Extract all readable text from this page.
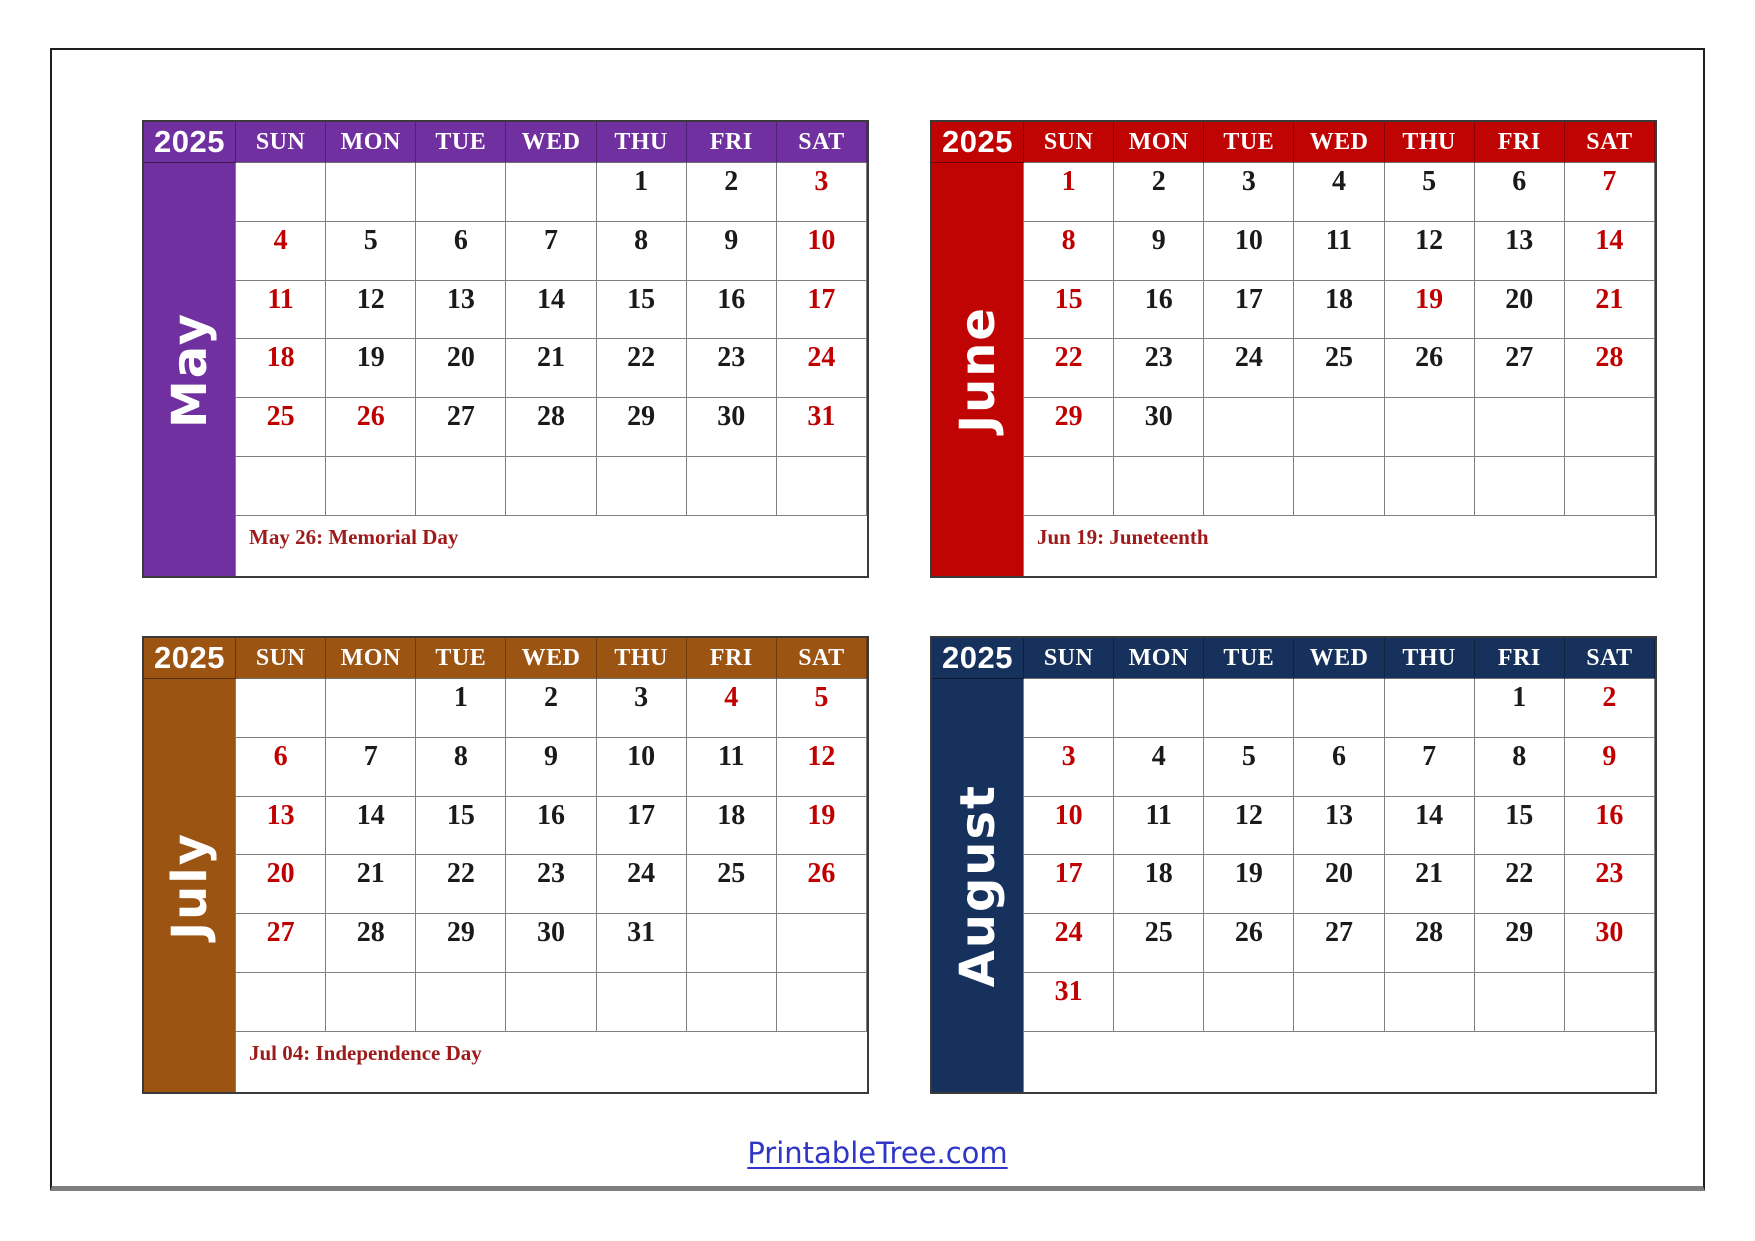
2025	SUN	MON	TUE	WED	THU	FRI	SAT
May
1	2	3
4	5	6	7	8	9	10
11	12	13	14	15	16	17
18	19	20	21	22	23	24
25	26	27	28	29	30	31
May 26: Memorial Day
2025	SUN	MON	TUE	WED	THU	FRI	SAT
June
1	2	3	4	5	6	7
8	9	10	11	12	13	14
15	16	17	18	19	20	21
22	23	24	25	26	27	28
29	30
Jun 19: Juneteenth
2025	SUN	MON	TUE	WED	THU	FRI	SAT
July
1	2	3	4	5
6	7	8	9	10	11	12
13	14	15	16	17	18	19
20	21	22	23	24	25	26
27	28	29	30	31
Jul 04: Independence Day
2025	SUN	MON	TUE	WED	THU	FRI	SAT
August
1	2
3	4	5	6	7	8	9
10	11	12	13	14	15	16
17	18	19	20	21	22	23
24	25	26	27	28	29	30
31
PrintableTree.com
